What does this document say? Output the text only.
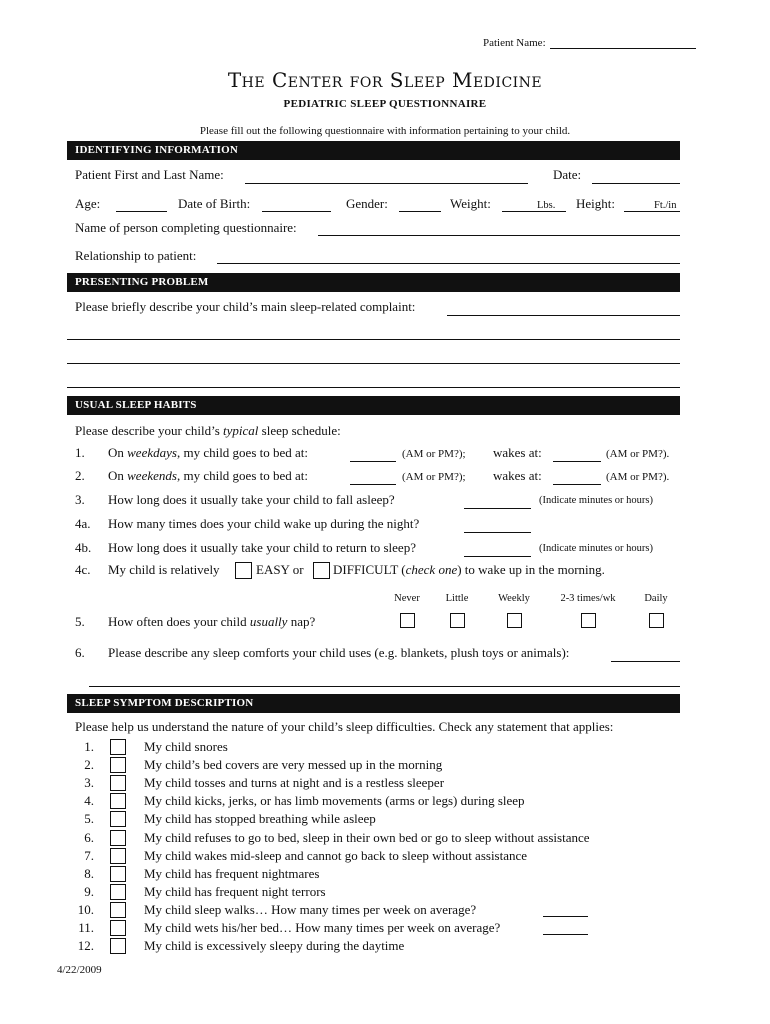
Patient Name:
The Center for Sleep Medicine
PEDIATRIC SLEEP QUESTIONNAIRE
Please fill out the following questionnaire with information pertaining to your child.
IDENTIFYING INFORMATION
Patient First and Last Name:	Date:
Age:	Date of Birth:	Gender:	Weight:	Lbs. Height:	Ft./in
Name of person completing questionnaire:
Relationship to patient:
PRESENTING PROBLEM
Please briefly describe your child’s main sleep-related complaint:
USUAL SLEEP HABITS
Please describe your child’s typical sleep schedule:
1. On weekdays, my child goes to bed at:	(AM or PM?); wakes at:	(AM or PM?).
2. On weekends, my child goes to bed at:	(AM or PM?); wakes at:	(AM or PM?).
3. How long does it usually take your child to fall asleep?	(Indicate minutes or hours)
4a. How many times does your child wake up during the night?
4b. How long does it usually take your child to return to sleep?	(Indicate minutes or hours)
4c. My child is relatively	EASY or DIFFICULT (check one) to wake up in the morning.
Never	Little	Weekly	2-3 times/wk	Daily
5. How often does your child usually nap?
6. Please describe any sleep comforts your child uses (e.g. blankets, plush toys or animals):
SLEEP SYMPTOM DESCRIPTION
Please help us understand the nature of your child’s sleep difficulties. Check any statement that applies:
1.	My child snores
2.	My child’s bed covers are very messed up in the morning
3.	My child tosses and turns at night and is a restless sleeper
4.	My child kicks, jerks, or has limb movements (arms or legs) during sleep
5.	My child has stopped breathing while asleep
6.	My child refuses to go to bed, sleep in their own bed or go to sleep without assistance
7.	My child wakes mid-sleep and cannot go back to sleep without assistance
8.	My child has frequent nightmares
9.	My child has frequent night terrors
10.	My child sleep walks… How many times per week on average?
11.	My child wets his/her bed… How many times per week on average?
12.	My child is excessively sleepy during the daytime
4/22/2009
